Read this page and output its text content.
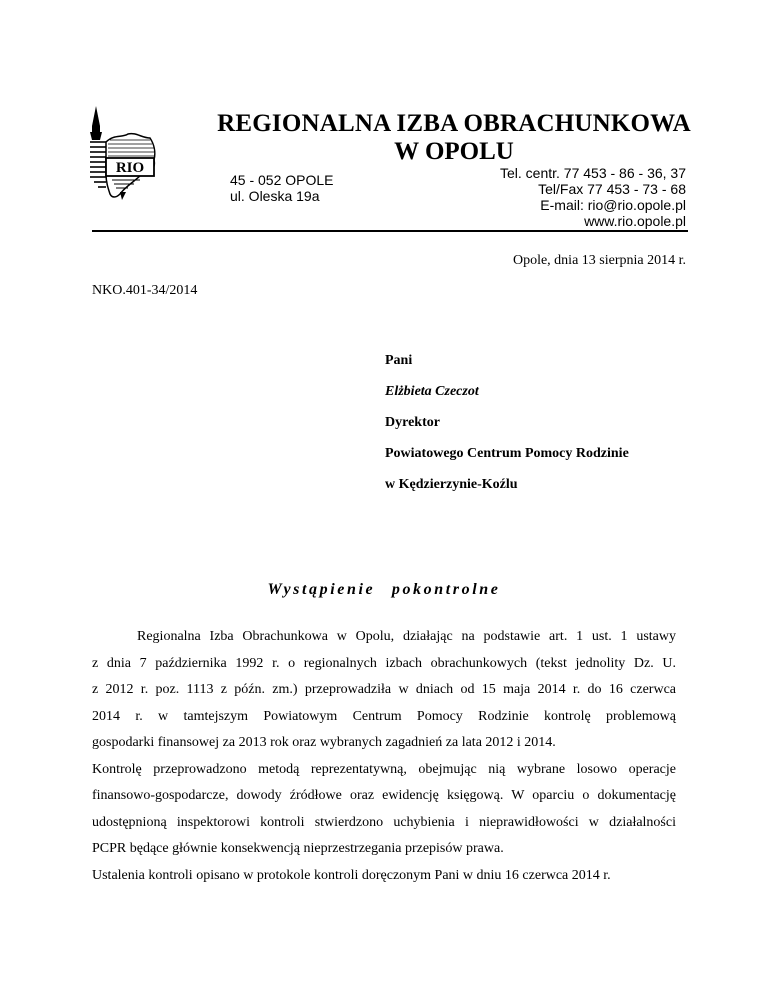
RIO
REGIONALNA IZBA OBRACHUNKOWA
W OPOLU
45 - 052 OPOLE
ul. Oleska 19a
Tel. centr. 77 453 - 86 - 36, 37
Tel/Fax 77 453 - 73 - 68
E-mail: rio@rio.opole.pl
www.rio.opole.pl
Opole, dnia 13 sierpnia 2014 r.
NKO.401-34/2014
Pani
Elżbieta Czeczot
Dyrektor
Powiatowego Centrum Pomocy Rodzinie
w Kędzierzynie-Koźlu
Wystąpienie pokontrolne

Regionalna Izba Obrachunkowa w Opolu, działając na podstawie art. 1 ust. 1 ustawy

z dnia 7 października 1992 r. o regionalnych izbach obrachunkowych (tekst jednolity Dz. U.

z 2012 r. poz. 1113 z późn. zm.) przeprowadziła w dniach od 15 maja 2014 r. do 16 czerwca

2014 r. w tamtejszym Powiatowym Centrum Pomocy Rodzinie kontrolę problemową

gospodarki finansowej za 2013 rok oraz wybranych zagadnień za lata 2012 i 2014.

Kontrolę przeprowadzono metodą reprezentatywną, obejmując nią wybrane losowo operacje

finansowo-gospodarcze, dowody źródłowe oraz ewidencję księgową. W oparciu o dokumentację

udostępnioną inspektorowi kontroli stwierdzono uchybienia i nieprawidłowości w działalności

PCPR będące głównie konsekwencją nieprzestrzegania przepisów prawa.

Ustalenia kontroli opisano w protokole kontroli doręczonym Pani w dniu 16 czerwca 2014 r.
